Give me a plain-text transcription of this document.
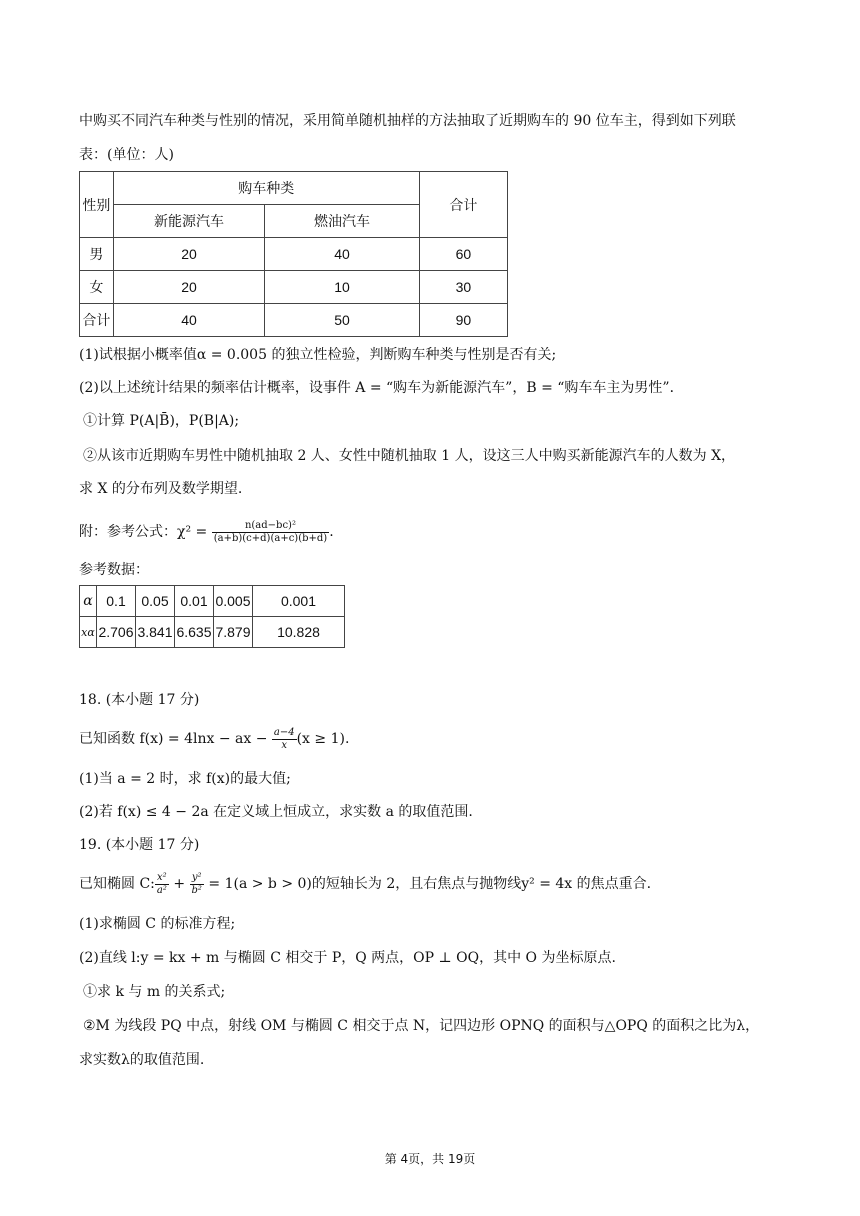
中购买不同汽车种类与性别的情况，采用简单随机抽样的方法抽取了近期购车的 90 位车主，得到如下列联
表：(单位：人)
性别	购车种类		合计
	新能源汽车	燃油汽车	
男	20	40	60
女	20	10	30
合计	40	50	90
(1)试根据小概率值α = 0.005 的独立性检验，判断购车种类与性别是否有关;
(2)以上述统计结果的频率估计概率，设事件 A = “购车为新能源汽车”，B = “购车车主为男性”．
①计算 P(A|B̄)，P(B|A);
②从该市近期购车男性中随机抽取 2 人、女性中随机抽取 1 人，设这三人中购买新能源汽车的人数为 X，
求 X 的分布列及数学期望.
附：参考公式：$\chi^2 = \frac{\text{n(ad−bc)²}}{(a+b)(c+d)(a+c)(b+d)}$ .
参考数据：
α	0.1	0.05	0.01	0.005	0.001
xα	2.706	3.841	6.635	7.879	10.828
18. (本小题 17 分)
已知函数 f(x) = 4lnx − ax − $\frac{a-4}{x} (x \ge 1)$.
(1)当 a = 2 时，求 f(x)的最大值;
(2)若 f(x) ≤ 4 − 2a 在定义域上恒成立，求实数 a 的取值范围.
19. (本小题 17 分)
已知椭圆 C: $\frac{\text{x²}}{\text{a²}} + \frac{\text{y²}}{\text{b²}} = 1(a > b > 0)$的短轴长为 2，且右焦点与抛物线y² = 4x 的焦点重合.
(1)求椭圆 C 的标准方程;
(2)直线 l:y = kx + m 与椭圆 C 相交于 P，Q 两点，OP ⊥ OQ，其中 O 为坐标原点.
①求 k 与 m 的关系式;
②M 为线段 PQ 中点，射线 OM 与椭圆 C 相交于点 N，记四边形 OPNQ 的面积与△OPQ 的面积之比为λ，
求实数λ的取值范围.
第 4页，共 19页
